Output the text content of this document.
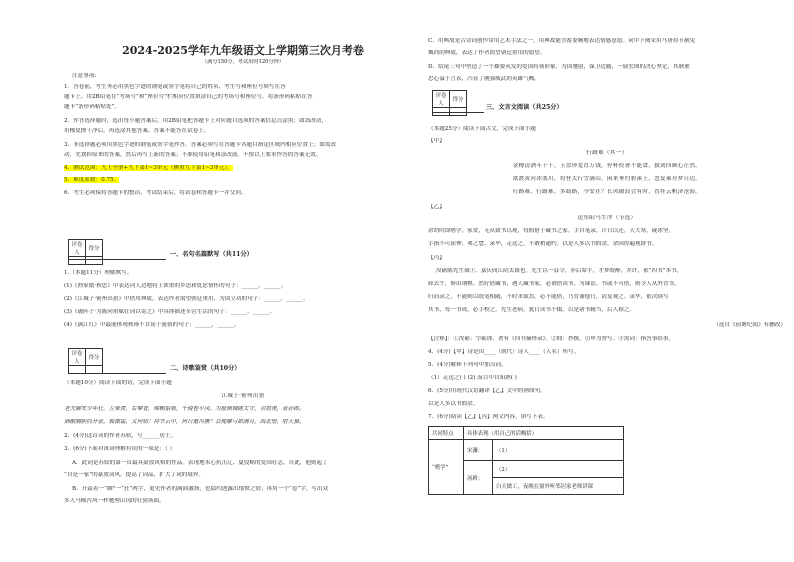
2024-2025学年九年级语文上学期第三次月考卷
（满分150分，考试用时120分钟）
注意事项:
1．答卷前，考生务必用黑色字迹的钢笔或签字笔将自己的姓名、考生号和座位号填写在答
题卡上。用2B铅笔在“考场号”和“座位号”栏相应位置填涂自己的考场号和座位号。将条形码粘贴在答
题卡“条形码粘贴处”。
2．作答选择题时，选出每小题答案后，用2B铅笔把答题卡上对应题目选项的答案信息点涂黑；如需改动，
用橡皮擦干净后，再选涂其他答案。答案不能答在试卷上。
3．非选择题必须用黑色字迹的钢笔或签字笔作答，答案必须写在答题卡各题目指定区域内相应位置上；如需改
动，先划掉原来的答案，然后再写上新的答案；不准使用铅笔和涂改液。不按以上要求作答的答案无效。
4．测试范围：九上全册+九下第1~3单元（侧重九下第1~3单元）。
5．难度系数：0.75。
6．考生必须保持答题卡的整洁。考试结束后，将试卷和答题卡一并交回。
评卷人	得分

一、名句名篇默写（共11分）
1.（本题11分）理解默写。
(1)《渔家傲·秋思》中表达词人边地将士浓重的乡思和忧虑情怀的句子：______，______。
(2)《江城子·密州出猎》中借用典故，表达作者渴望朝廷重用、为国立功的句子：______，______。
(3)《破阵子·为陈同甫赋壮词以寄之》中具体描述军营生活的句子：______，______。
(4)《满江红》中最能体现秋瑾不甘屈于流俗的句子：______，______。
评卷人	得分

二、诗歌鉴赏（共10分）
（本题10分）阅读下面的诗，完成下面小题
江城子·密州出猎
老夫聊发少年狂，左牵黄，右擎苍，锦帽貂裘，千骑卷平冈。为报倾城随太守，亲射虎，看孙郎。
酒酣胸胆尚开张，鬓微霜，又何妨！持节云中，何日遣冯唐？会挽雕弓如满月，西北望，射天狼。
2．(4分)这首词的作者苏轼，号______居士。
3．(6分)下面对该词理解有误的一项是：（ ）
A．此词是苏轼的第一首最具豪放风格的作品。表现地未心抗击辽、夏侵略的爱国壮志，自此，他则起了
“自是一家”的豪放词风，提高了词品，扩大了词的境界。
B．开篇着一“聊”一“狂”两字，更见作者的满面激扬，也隐约透露出郁愤之情；再用一个“卷”字，写出众
多人马倾泻风一样驰骋山冈的壮猎场面。
C．用典故是古诗词创作常用艺术手法之一，用典故能含蓄委婉地表达情感意愿。词中下阕采用马唐持节赦免
魏尚的典故，表达了作者渴望朝廷重用的愿望。
D．结尾三句中塑造了一个雄姿英发的爱国将领形象，为国驰射，保卫边疆，一展宏图的决心坚定，其耿耿
忠心溢于言表，凸显了刚强威武的英雄气概。
评卷人	得分

三、文言文阅读（共25分）
（本题25分）阅读下面古文，完成下面小题
【甲】
行路难（其一）
金樽清酒斗十千，玉盘珍羞直万钱。停杯投箸不能食，拔剑四顾心茫然。
欲渡黄河冰塞川，将登太行雪满山。闲来垂钓碧溪上，忽复乘舟梦日边。
行路难，行路难，多歧路，今安在？长风破浪会有时，直挂云帆济沧海。
【乙】
送东阳马生序（节选）
余幼时即嗜学。家贫，无从致书以观，每假借于藏书之家，手自笔录，计日以还。天大寒，砚冰坚，
手指不可屈伸，弗之怠。录毕，走送之，不敢稍逾约。以是人多以书假余，余因得遍观群书。
【丙】
汝砺陈先生璜①，嘉庆间江阴太镇也。先生以一县令，亦后席半，才梦皎醉，并许，依“四书”本书，
卸去午，修由钢棋。然好借藏书，遇人藏书家，必谓借读书，为谏讼。书或不可借，则令人从外背书，
归而录之，不能则以纸笔相随，不时求取焉。必不能借，乃背诵他日，请复观之。录毕，依次缮写
其书，每一书成，必手校之。先生老病，犹日读书不辍。以是诸书精当，后人称之。
（选自《前塘纪闻》有删改）
【注释】：①汝砺：字砺锋，著有《四书摘绎录》。②佣：抄撰，引申为誊写。③需词：指答事给事。
4．(4分)【甲】诗是由____（朝代）诗人____（人名）所写。
5．(4分)解释下列句中加点词。
（1）走送之( ) (2) 而目中自知熟( )
6．(5分)用现代汉语翻译【乙】文中的画线句。
以是人多以书假余。
7．(6分)阅读【乙】【丙】两文内容，填写下表。
共同特点	具体表现（用自己的话概括）	
“嗜学”	宋濂：	（1）
	汤殿：	（2）
		白天做工，夜晚在窗外听邻居家老师讲课
